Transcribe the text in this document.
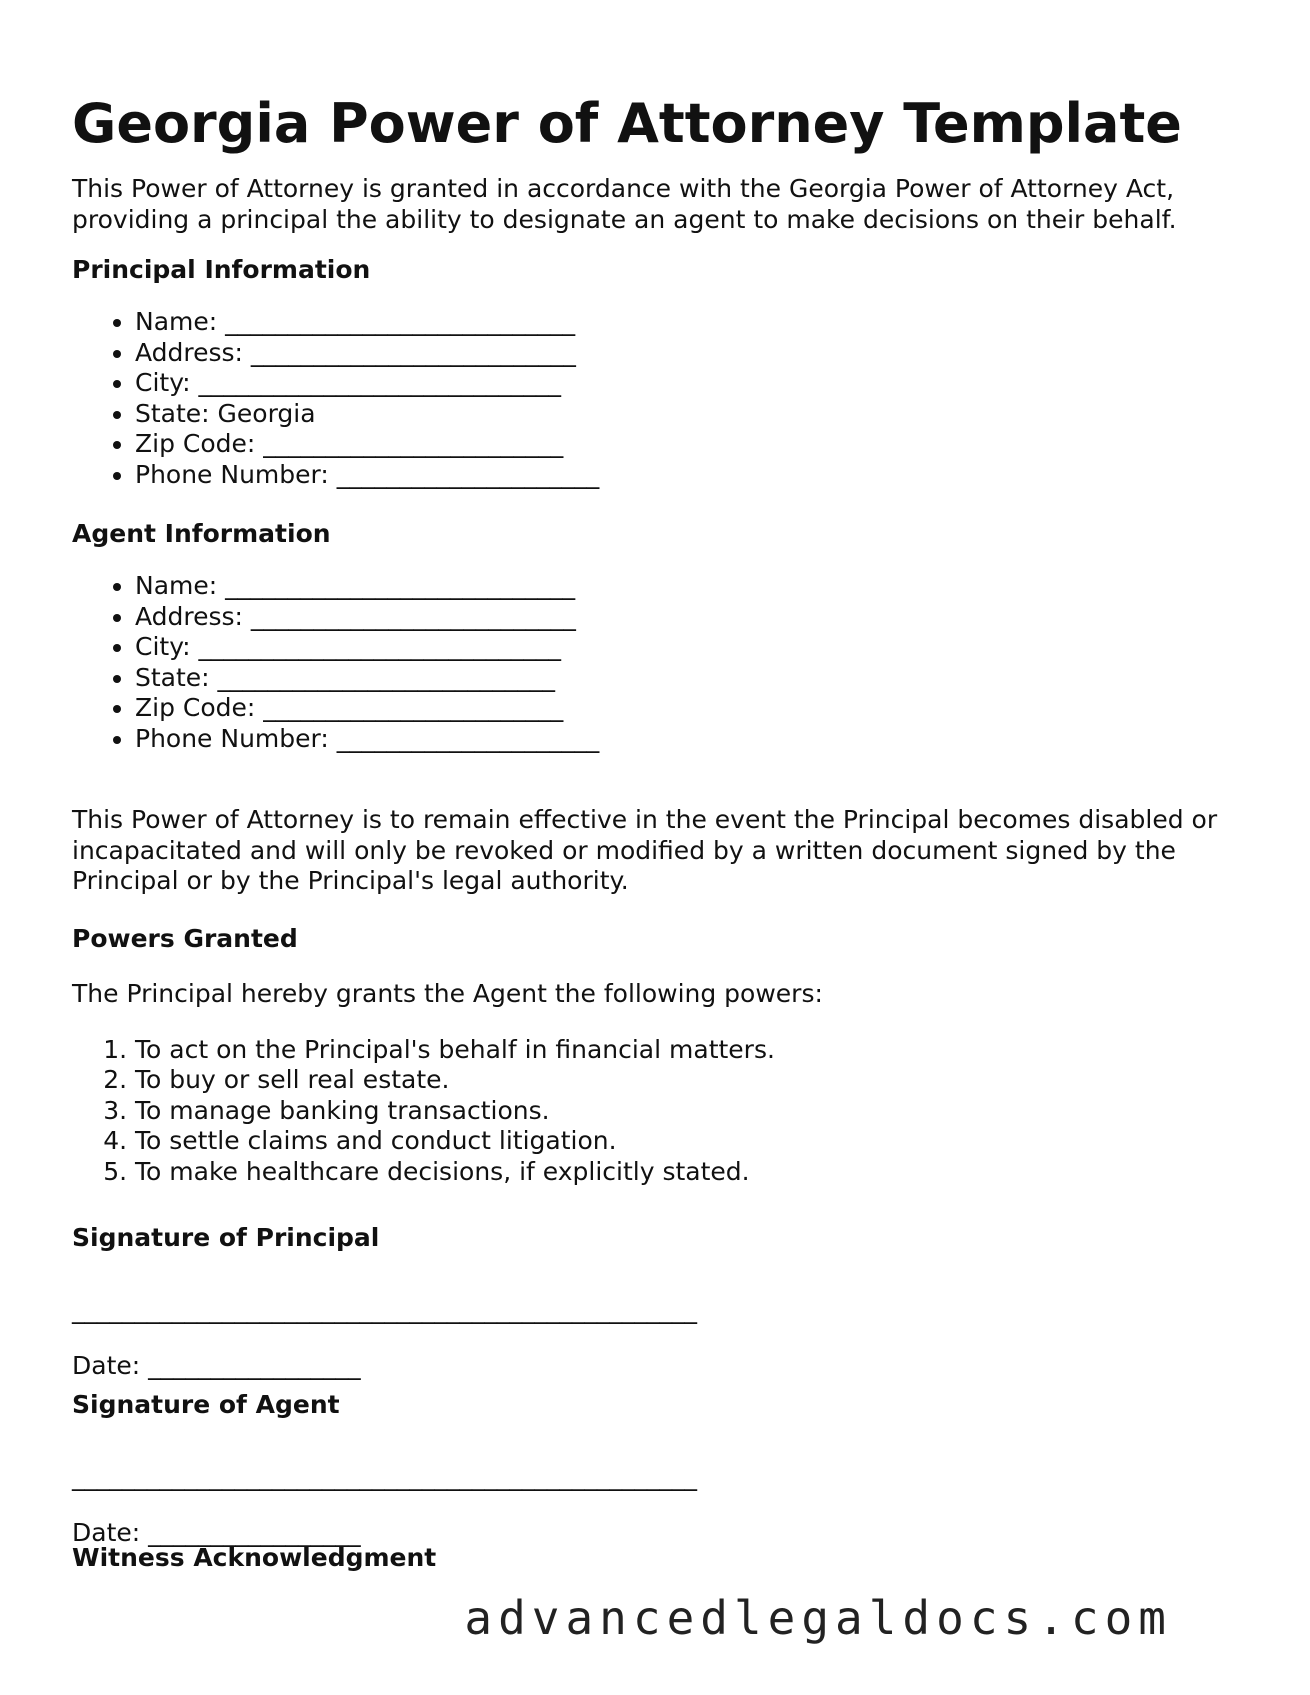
Georgia Power of Attorney Template

This Power of Attorney is granted in accordance with the Georgia Power of Attorney Act, providing a principal the ability to designate an agent to make decisions on their behalf.

Principal Information

• Name: ____________________________
• Address: __________________________
• City: _____________________________
• State: Georgia
• Zip Code: ________________________
• Phone Number: _____________________

Agent Information

• Name: ____________________________
• Address: __________________________
• City: _____________________________
• State: ___________________________
• Zip Code: ________________________
• Phone Number: _____________________

This Power of Attorney is to remain effective in the event the Principal becomes disabled or incapacitated and will only be revoked or modified by a written document signed by the Principal or by the Principal's legal authority.

Powers Granted

The Principal hereby grants the Agent the following powers:

1. To act on the Principal's behalf in financial matters.
2. To buy or sell real estate.
3. To manage banking transactions.
4. To settle claims and conduct litigation.
5. To make healthcare decisions, if explicitly stated.

Signature of Principal

__________________________________________________
Date: _________________

Signature of Agent

__________________________________________________
Date: _________________

Witness Acknowledgment

advancedlegaldocs.com
